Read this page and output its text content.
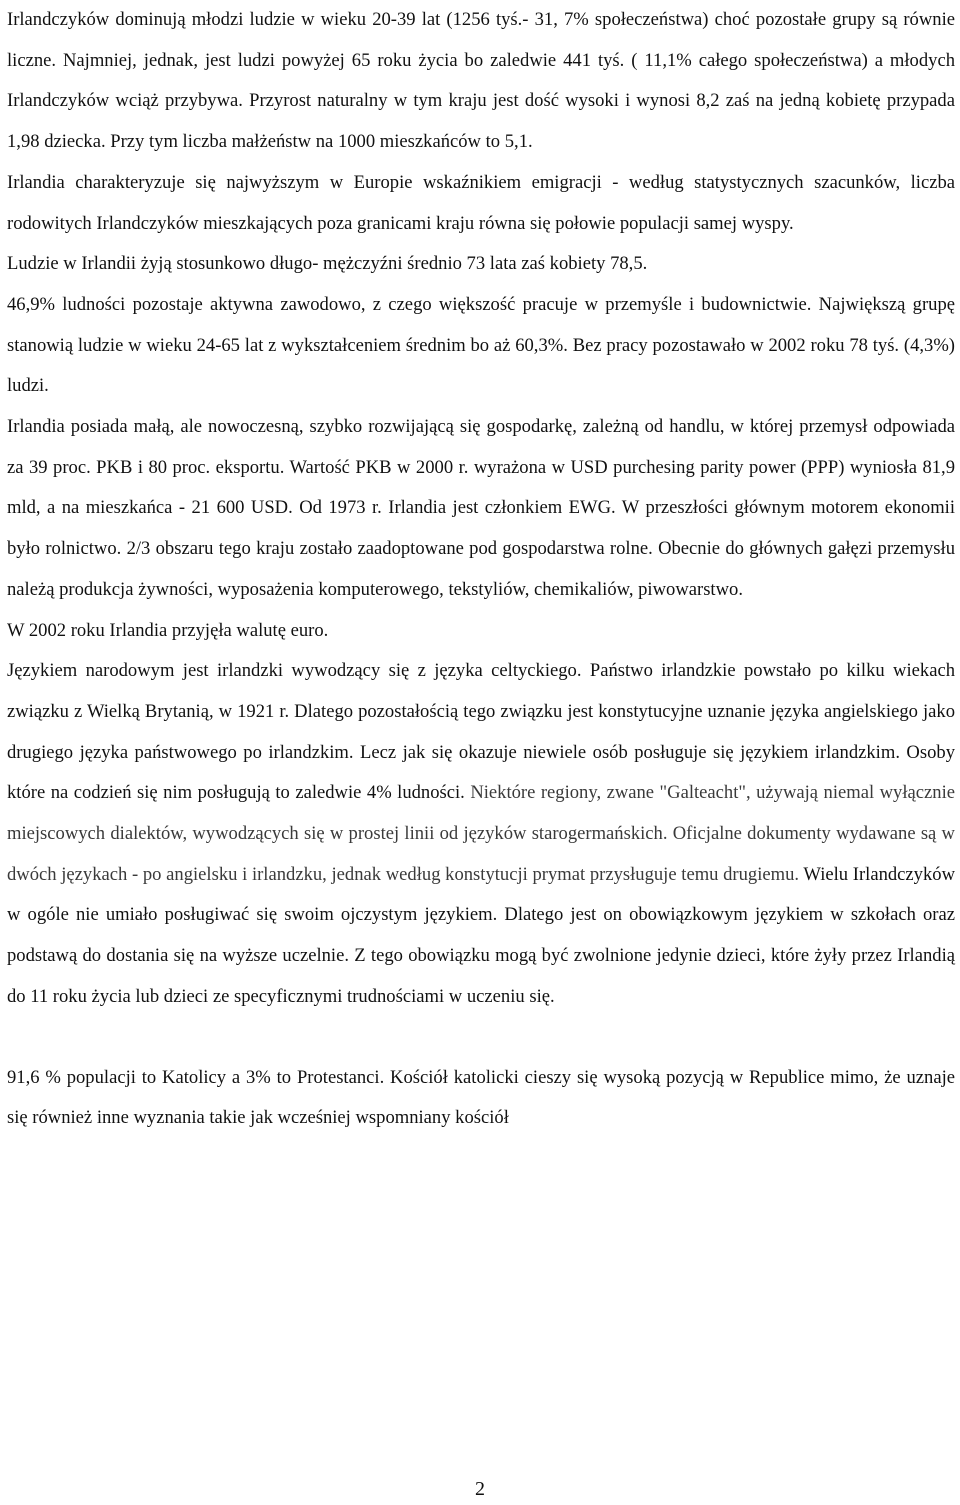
Irlandczyków dominują młodzi ludzie w wieku 20-39 lat (1256 tyś.- 31, 7% społeczeństwa) choć pozostałe grupy są równie liczne. Najmniej, jednak, jest ludzi powyżej 65 roku życia bo zaledwie 441 tyś. ( 11,1% całego społeczeństwa) a młodych Irlandczyków wciąż przybywa. Przyrost naturalny w tym kraju jest dość wysoki i wynosi 8,2 zaś na jedną kobietę przypada 1,98 dziecka. Przy tym liczba małżeństw na 1000 mieszkańców to 5,1.

Irlandia charakteryzuje się najwyższym w Europie wskaźnikiem emigracji - według statystycznych szacunków, liczba rodowitych Irlandczyków mieszkających poza granicami kraju równa się połowie populacji samej wyspy.

Ludzie w Irlandii żyją stosunkowo długo- mężczyźni średnio 73 lata zaś kobiety 78,5.

46,9% ludności pozostaje aktywna zawodowo, z czego większość pracuje w przemyśle i budownictwie. Największą grupę stanowią ludzie w wieku 24-65 lat z wykształceniem średnim bo aż 60,3%. Bez pracy pozostawało w 2002 roku 78 tyś. (4,3%) ludzi.

Irlandia posiada małą, ale nowoczesną, szybko rozwijającą się gospodarkę, zależną od handlu, w której przemysł odpowiada za 39 proc. PKB i 80 proc. eksportu. Wartość PKB w 2000 r. wyrażona w USD purchesing parity power (PPP) wyniosła 81,9 mld, a na mieszkańca - 21 600 USD. Od 1973 r. Irlandia jest członkiem EWG. W przeszłości głównym motorem ekonomii było rolnictwo. 2/3 obszaru tego kraju zostało zaadoptowane pod gospodarstwa rolne. Obecnie do głównych gałęzi przemysłu należą produkcja żywności, wyposażenia komputerowego, tekstyliów, chemikaliów, piwowarstwo.

W 2002 roku Irlandia przyjęła walutę euro.

Językiem narodowym jest irlandzki wywodzący się z języka celtyckiego. Państwo irlandzkie powstało po kilku wiekach związku z Wielką Brytanią, w 1921 r. Dlatego pozostałością tego związku jest konstytucyjne uznanie języka angielskiego jako drugiego języka państwowego po irlandzkim. Lecz jak się okazuje niewiele osób posługuje się językiem irlandzkim. Osoby które na codzień się nim posługują to zaledwie 4% ludności. Niektóre regiony, zwane "Galteacht", używają niemal wyłącznie miejscowych dialektów, wywodzących się w prostej linii od języków starogermańskich. Oficjalne dokumenty wydawane są w dwóch językach - po angielsku i irlandzku, jednak według konstytucji prymat przysługuje temu drugiemu. Wielu Irlandczyków w ogóle nie umiało posługiwać się swoim ojczystym językiem. Dlatego jest on obowiązkowym językiem w szkołach oraz podstawą do dostania się na wyższe uczelnie. Z tego obowiązku mogą być zwolnione jedynie dzieci, które żyły przez Irlandią do 11 roku życia lub dzieci ze specyficznymi trudnościami w uczeniu się.

91,6 % populacji to Katolicy a 3% to Protestanci. Kościół katolicki cieszy się wysoką pozycją w Republice mimo, że uznaje się również inne wyznania takie jak wcześniej wspomniany kościół

2
